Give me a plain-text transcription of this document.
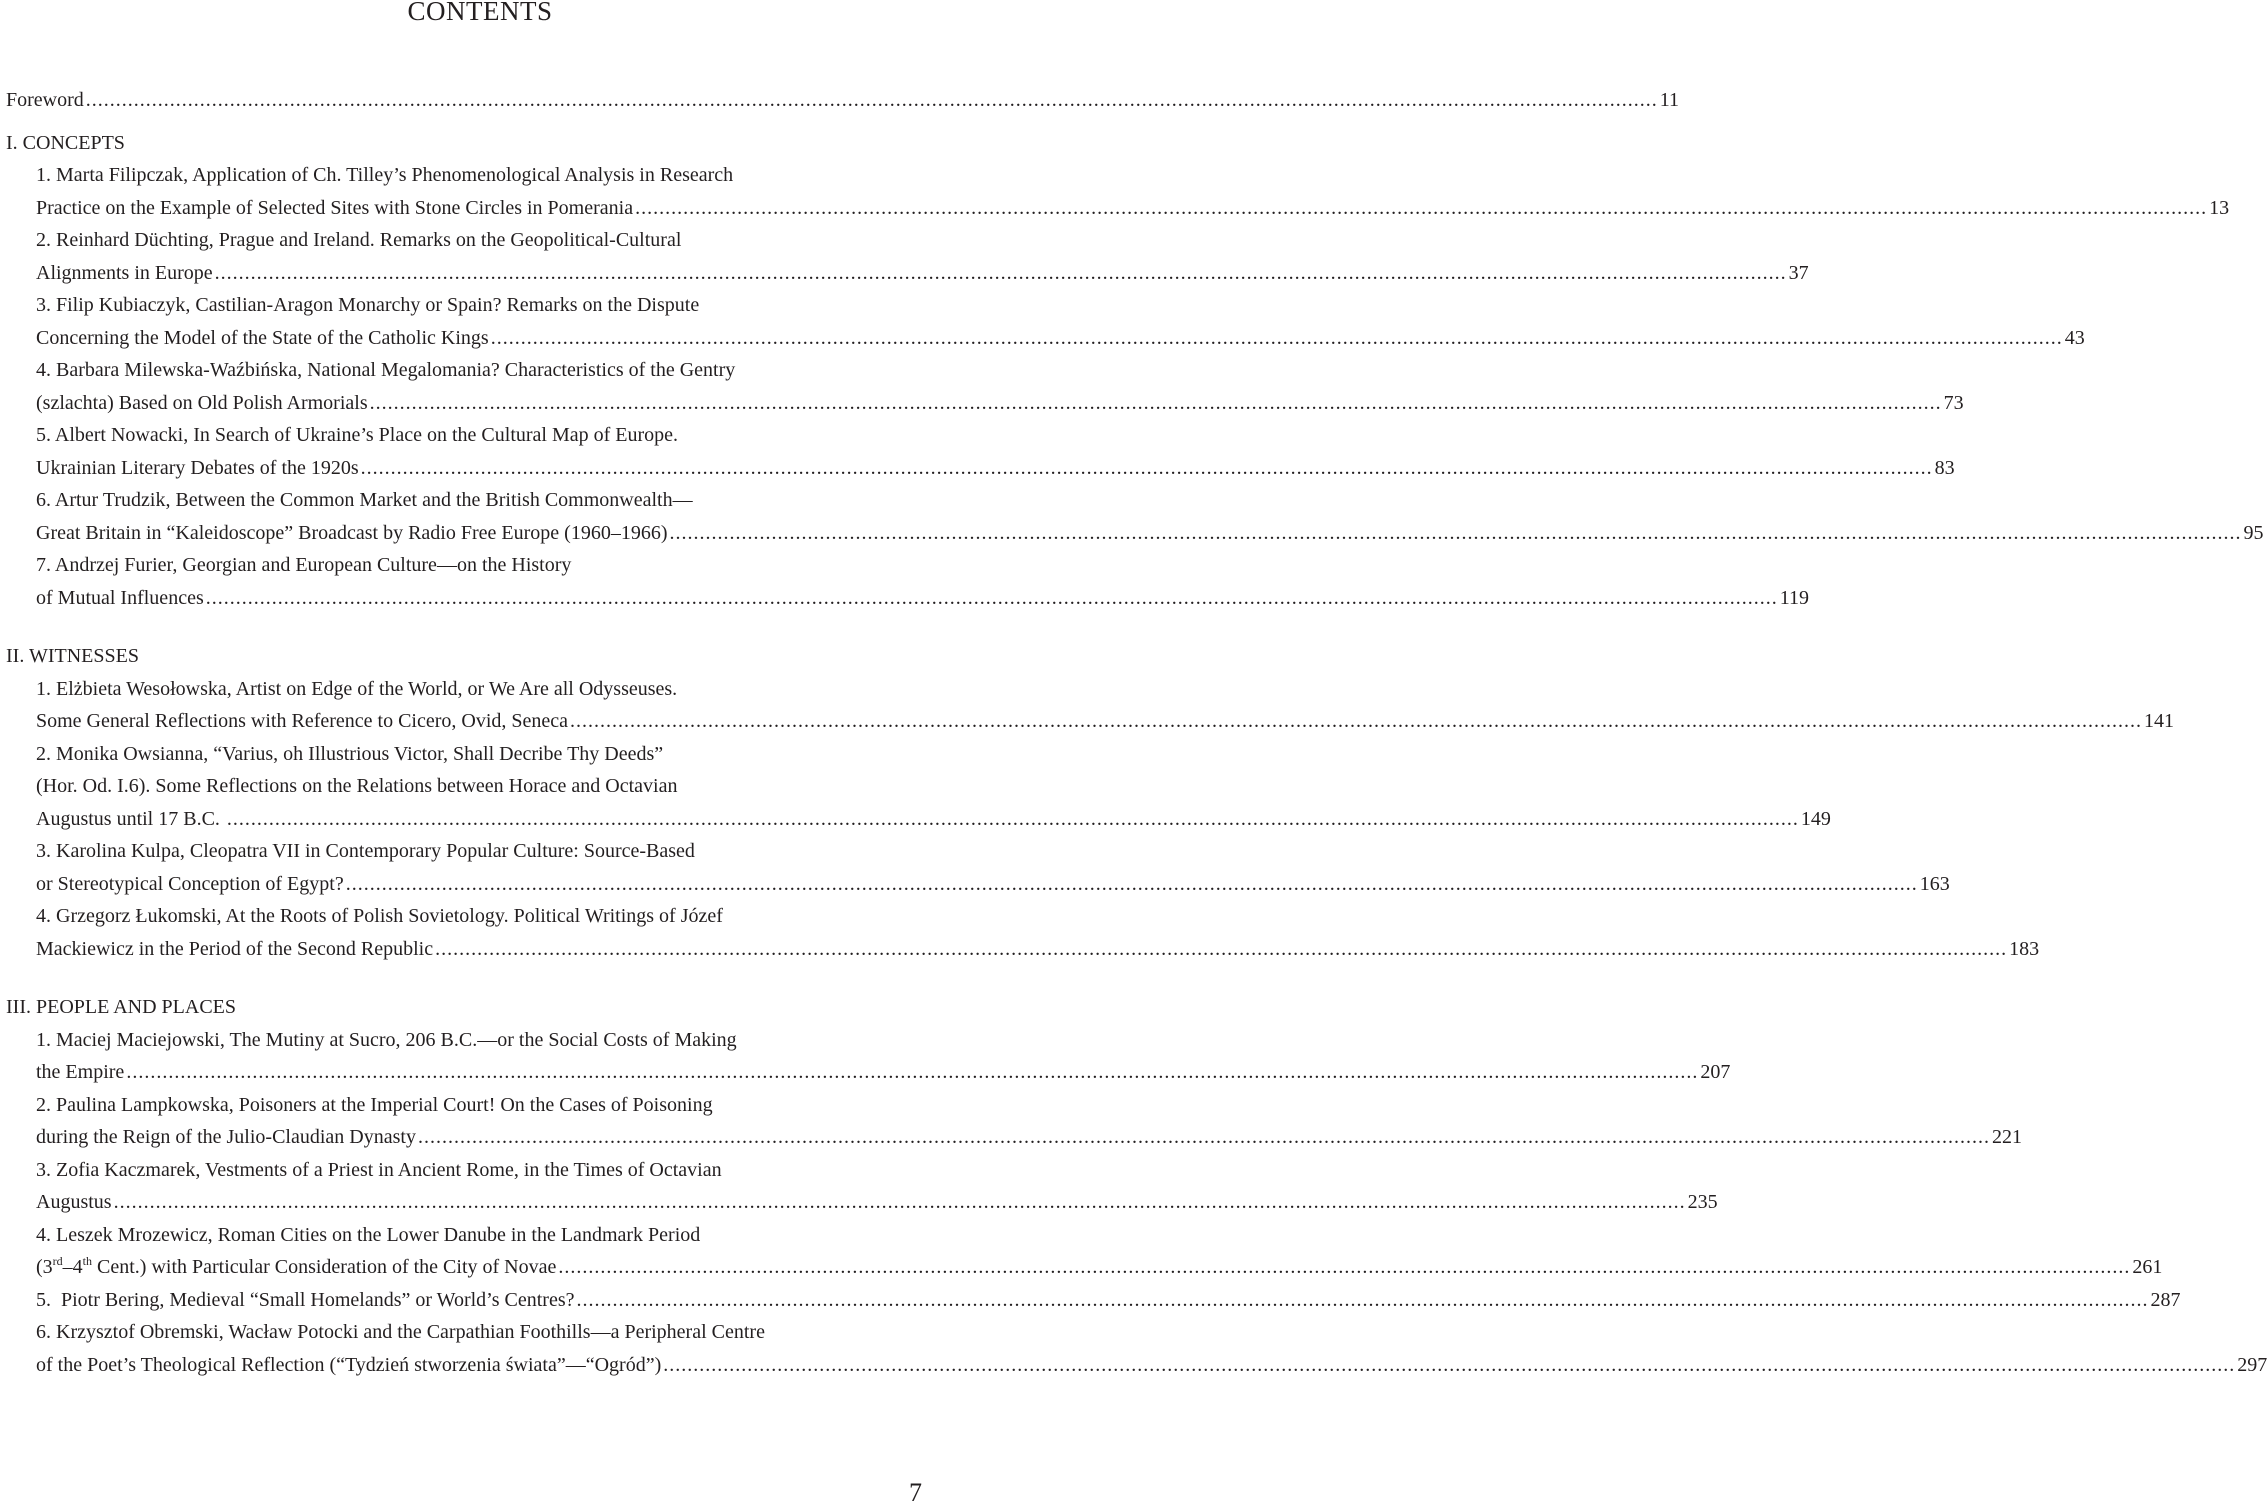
CONTENTS
Foreword .....	11
I. CONCEPTS
1. Marta Filipczak, Application of Ch. Tilley’s Phenomenological Analysis in Research
Practice on the Example of Selected Sites with Stone Circles in Pomerania .....	13
2. Reinhard Düchting, Prague and Ireland. Remarks on the Geopolitical-Cultural
Alignments in Europe .....	37
3. Filip Kubiaczyk, Castilian-Aragon Monarchy or Spain? Remarks on the Dispute
Concerning the Model of the State of the Catholic Kings .....	43
4. Barbara Milewska-Waźbińska, National Megalomania? Characteristics of the Gentry
(szlachta) Based on Old Polish Armorials .....	73
5. Albert Nowacki, In Search of Ukraine’s Place on the Cultural Map of Europe.
Ukrainian Literary Debates of the 1920s .....	83
6. Artur Trudzik, Between the Common Market and the British Commonwealth—
Great Britain in “Kaleidoscope” Broadcast by Radio Free Europe (1960–1966) .....	95
7. Andrzej Furier, Georgian and European Culture—on the History
of Mutual Influences .....	119
II. WITNESSES
1. Elżbieta Wesołowska, Artist on Edge of the World, or We Are all Odysseuses.
Some General Reflections with Reference to Cicero, Ovid, Seneca .....	141
2. Monika Owsianna, “Varius, oh Illustrious Victor, Shall Decribe Thy Deeds”
(Hor. Od. I.6). Some Reflections on the Relations between Horace and Octavian
Augustus until 17 B.C. .....	149
3. Karolina Kulpa, Cleopatra VII in Contemporary Popular Culture: Source-Based
or Stereotypical Conception of Egypt? .....	163
4. Grzegorz Łukomski, At the Roots of Polish Sovietology. Political Writings of Józef
Mackiewicz in the Period of the Second Republic .....	183
III. PEOPLE AND PLACES
1. Maciej Maciejowski, The Mutiny at Sucro, 206 B.C.—or the Social Costs of Making
the Empire .....	207
2. Paulina Lampkowska, Poisoners at the Imperial Court! On the Cases of Poisoning
during the Reign of the Julio-Claudian Dynasty .....	221
3. Zofia Kaczmarek, Vestments of a Priest in Ancient Rome, in the Times of Octavian
Augustus .....	235
4. Leszek Mrozewicz, Roman Cities on the Lower Danube in the Landmark Period
(3rd–4th Cent.) with Particular Consideration of the City of Novae .....	261
5.  Piotr Bering, Medieval “Small Homelands” or World’s Centres? .....	287
6. Krzysztof Obremski, Wacław Potocki and the Carpathian Foothills—a Peripheral Centre
of the Poet’s Theological Reflection (“Tydzień stworzenia świata”—“Ogród”) .....	297
7
